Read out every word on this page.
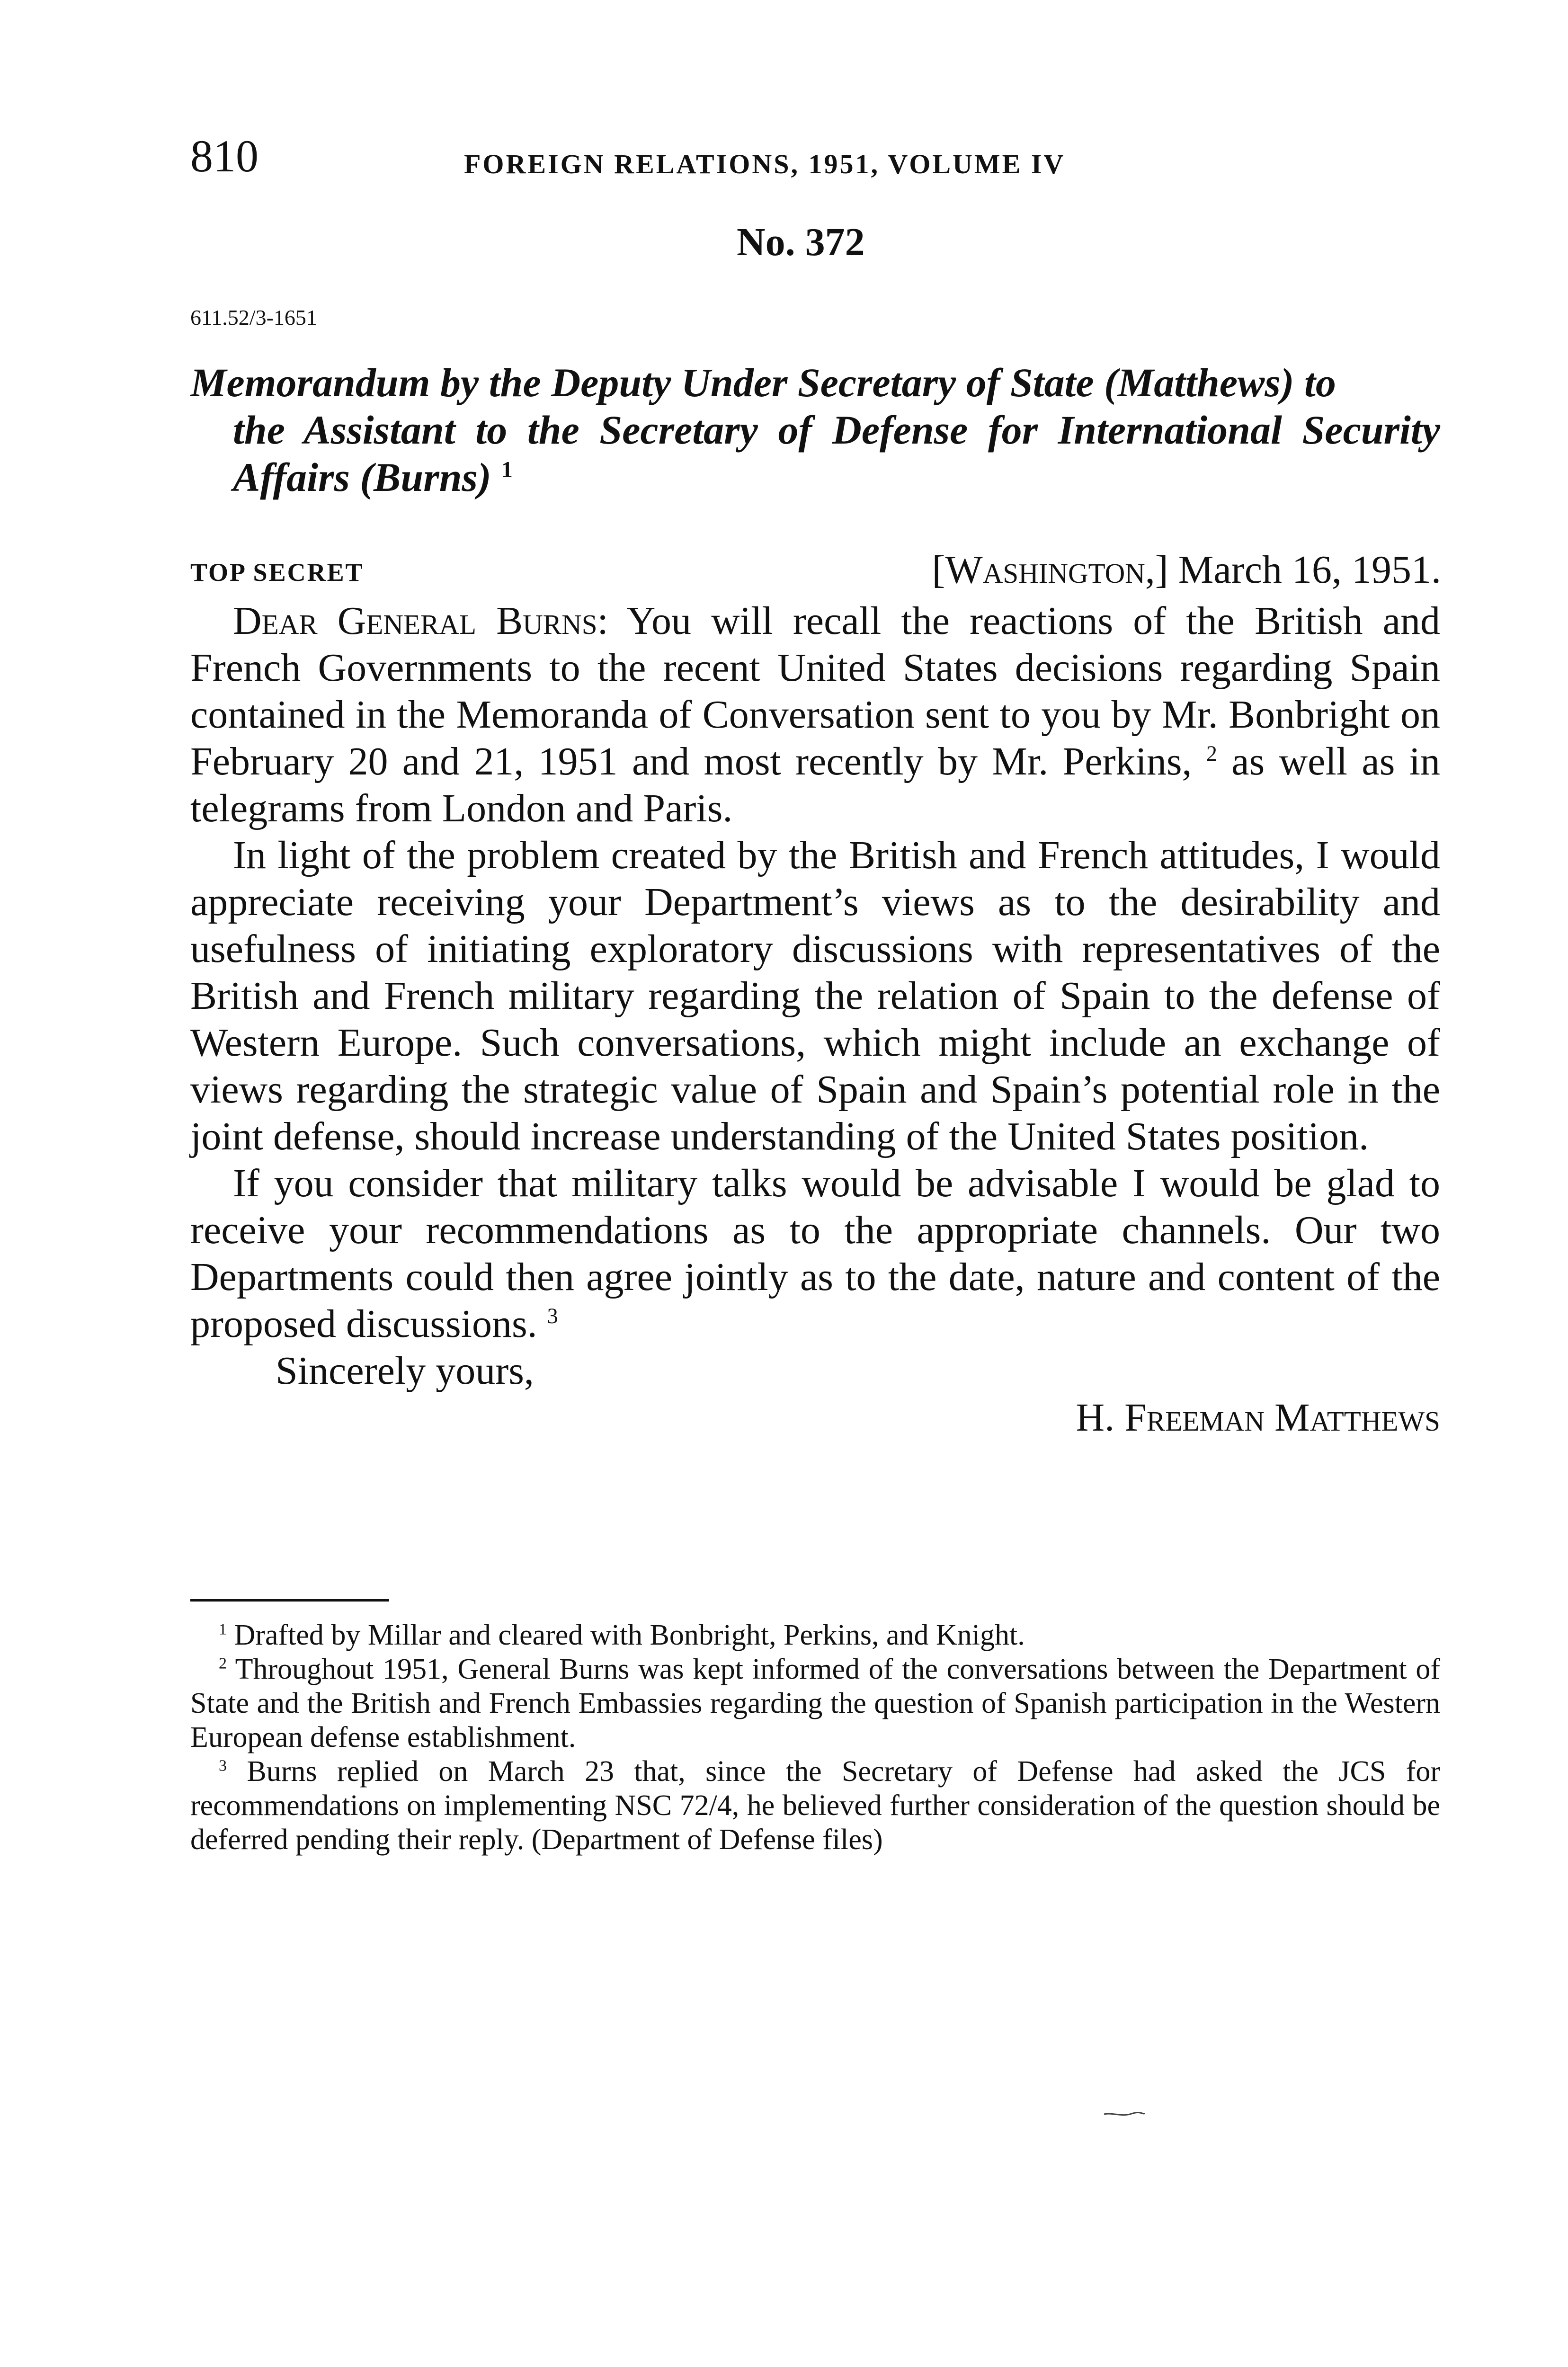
810	FOREIGN RELATIONS, 1951, VOLUME IV
No. 372
611.52/3-1651
Memorandum by the Deputy Under Secretary of State (Matthews) to
the Assistant to the Secretary of Defense for International Security Affairs (Burns) $^1$
TOP SECRET	[Washington,] March 16, 1951.

Dear General Burns: You will recall the reactions of the British and French Governments to the recent United States decisions regarding Spain contained in the Memoranda of Conversation sent to you by Mr. Bonbright on February 20 and 21, 1951 and most recently by Mr. Perkins, $^2$ as well as in telegrams from London and Paris.

In light of the problem created by the British and French attitudes, I would appreciate receiving your Department’s views as to the desirability and usefulness of initiating exploratory discussions with representatives of the British and French military regarding the relation of Spain to the defense of Western Europe. Such conversations, which might include an exchange of views regarding the strategic value of Spain and Spain’s potential role in the joint defense, should increase understanding of the United States position.

If you consider that military talks would be advisable I would be glad to receive your recommendations as to the appropriate channels. Our two Departments could then agree jointly as to the date, nature and content of the proposed discussions. $^3$

Sincerely yours,

H. Freeman Matthews

$^1$ Drafted by Millar and cleared with Bonbright, Perkins, and Knight.

$^2$ Throughout 1951, General Burns was kept informed of the conversations between the Department of State and the British and French Embassies regarding the question of Spanish participation in the Western European defense establishment.

$^3$ Burns replied on March 23 that, since the Secretary of Defense had asked the JCS for recommendations on implementing NSC 72/4, he believed further consideration of the question should be deferred pending their reply. (Department of Defense files)
